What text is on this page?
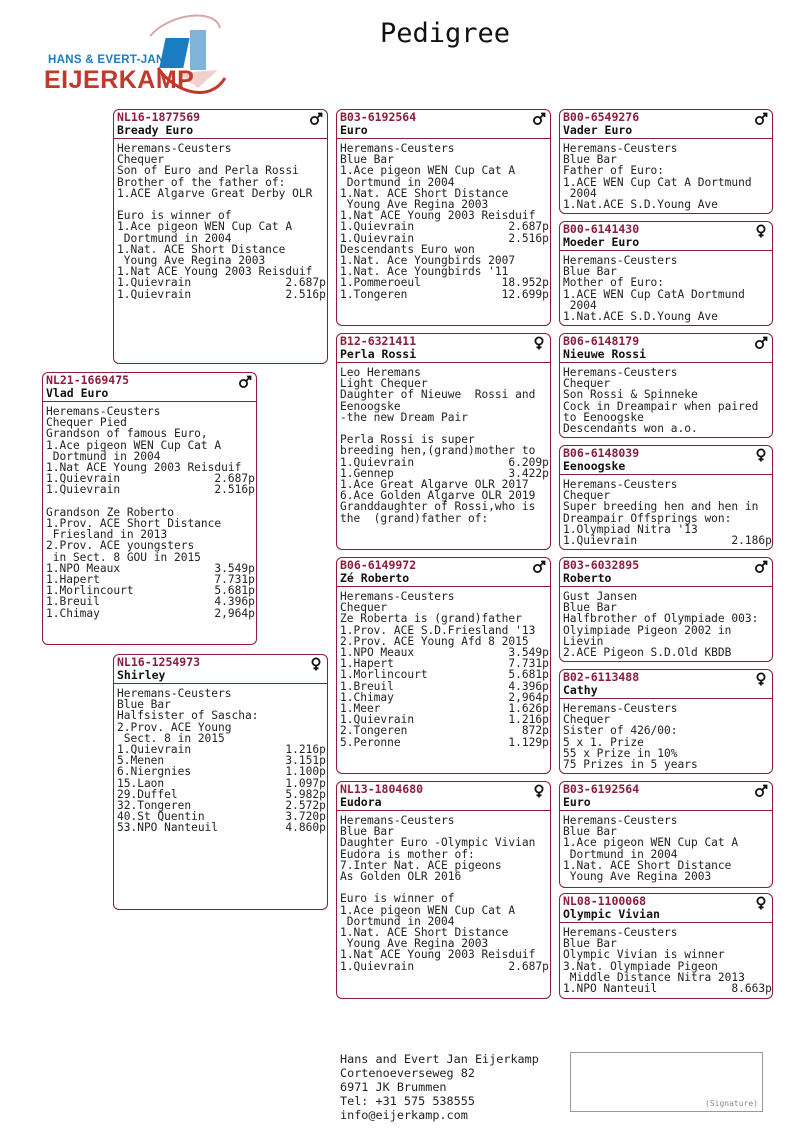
HANS & EVERT-JAN
EIJERKAMP
Pedigree
NL16-1877569
Bready Euro
Heremans-Ceusters
Chequer
Son of Euro and Perla Rossi
Brother of the father of:
1.ACE Algarve Great Derby OLR

Euro is winner of
1.Ace pigeon WEN Cup Cat A
Dortmund in 2004
1.Nat. ACE Short Distance
Young Ave Regina 2003
1.Nat ACE Young 2003 Reisduif
1.Quievrain              2.687p
1.Quievrain              2.516p
NL21-1669475
Vlad Euro
Heremans-Ceusters
Chequer Pied
Grandson of famous Euro,
1.Ace pigeon WEN Cup Cat A
Dortmund in 2004
1.Nat ACE Young 2003 Reisduif
1.Quievrain              2.687p
1.Quievrain              2.516p

Grandson Ze Roberto
1.Prov. ACE Short Distance
Friesland in 2013
2.Prov. ACE youngsters
in Sect. 8 GOU in 2015
1.NPO Meaux              3.549p
1.Hapert                 7.731p
1.Morlincourt            5.681p
1.Breuil                 4.396p
1.Chimay                 2,964p
NL16-1254973
Shirley
Heremans-Ceusters
Blue Bar
Halfsister of Sascha:
2.Prov. ACE Young
Sect. 8 in 2015
1.Quievrain              1.216p
5.Menen                  3.151p
6.Niergnies              1.100p
15.Laon                  1.097p
29.Duffel                5.982p
32.Tongeren              2.572p
40.St Quentin            3.720p
53.NPO Nanteuil          4.860p
B03-6192564
Euro
Heremans-Ceusters
Blue Bar
1.Ace pigeon WEN Cup Cat A
Dortmund in 2004
1.Nat. ACE Short Distance
Young Ave Regina 2003
1.Nat ACE Young 2003 Reisduif
1.Quievrain              2.687p
1.Quievrain              2.516p
Descendants Euro won
1.Nat. Ace Youngbirds 2007
1.Nat. Ace Youngbirds '11
1.Pommeroeul            18.952p
1.Tongeren              12.699p
B12-6321411
Perla Rossi
Leo Heremans
Light Chequer
Daughter of Nieuwe  Rossi and
Eenoogske
-the new Dream Pair

Perla Rossi is super
breeding hen,(grand)mother to
1.Quievrain              6.209p
1.Gennep                 3.422p
1.Ace Great Algarve OLR 2017
6.Ace Golden Algarve OLR 2019
Granddaughter of Rossi,who is
the  (grand)father of:
B06-6149972
Zé Roberto
Heremans-Ceusters
Chequer
Ze Roberta is (grand)father
1.Prov. ACE S.D.Friesland '13
2.Prov. ACE Young Afd 8 2015
1.NPO Meaux              3.549p
1.Hapert                 7.731p
1.Morlincourt            5.681p
1.Breuil                 4.396p
1.Chimay                 2,964p
1.Meer                   1.626p
1.Quievrain              1.216p
2.Tongeren                 872p
5.Peronne                1.129p
NL13-1804680
Eudora
Heremans-Ceusters
Blue Bar
Daughter Euro -Olympic Vivian
Eudora is mother of:
7.Inter Nat. ACE pigeons
As Golden OLR 2016

Euro is winner of
1.Ace pigeon WEN Cup Cat A
Dortmund in 2004
1.Nat. ACE Short Distance
Young Ave Regina 2003
1.Nat ACE Young 2003 Reisduif
1.Quievrain              2.687p
B00-6549276
Vader Euro
Heremans-Ceusters
Blue Bar
Father of Euro:
1.ACE WEN Cup Cat A Dortmund
2004
1.Nat.ACE S.D.Young Ave
B00-6141430
Moeder Euro
Heremans-Ceusters
Blue Bar
Mother of Euro:
1.ACE WEN Cup CatA Dortmund
2004
1.Nat.ACE S.D.Young Ave
B06-6148179
Nieuwe Rossi
Heremans-Ceusters
Chequer
Son Rossi & Spinneke
Cock in Dreampair when paired
to Eenoogske
Descendants won a.o.
B06-6148039
Eenoogske
Heremans-Ceusters
Chequer
Super breeding hen and hen in
Dreampair Offsprings won:
1.Olympiad Nitra '13
1.Quievrain              2.186p
B03-6032895
Roberto
Gust Jansen
Blue Bar
Halfbrother of Olympiade 003:
Olyimpiade Pigeon 2002 in
Lievin
2.ACE Pigeon S.D.Old KBDB
B02-6113488
Cathy
Heremans-Ceusters
Chequer
Sister of 426/00:
5 x 1. Prize
55 x Prize in 10%
75 Prizes in 5 years
B03-6192564
Euro
Heremans-Ceusters
Blue Bar
1.Ace pigeon WEN Cup Cat A
Dortmund in 2004
1.Nat. ACE Short Distance
Young Ave Regina 2003
NL08-1100068
Olympic Vivian
Heremans-Ceusters
Blue Bar
Olympic Vivian is winner
3.Nat. Olympiade Pigeon
Middle Distance Nitra 2013
1.NPO Nanteuil           8.663p
Hans and Evert Jan Eijerkamp
Cortenoeverseweg 82
6971 JK Brummen
Tel: +31 575 538555
info@eijerkamp.com
(Signature)
